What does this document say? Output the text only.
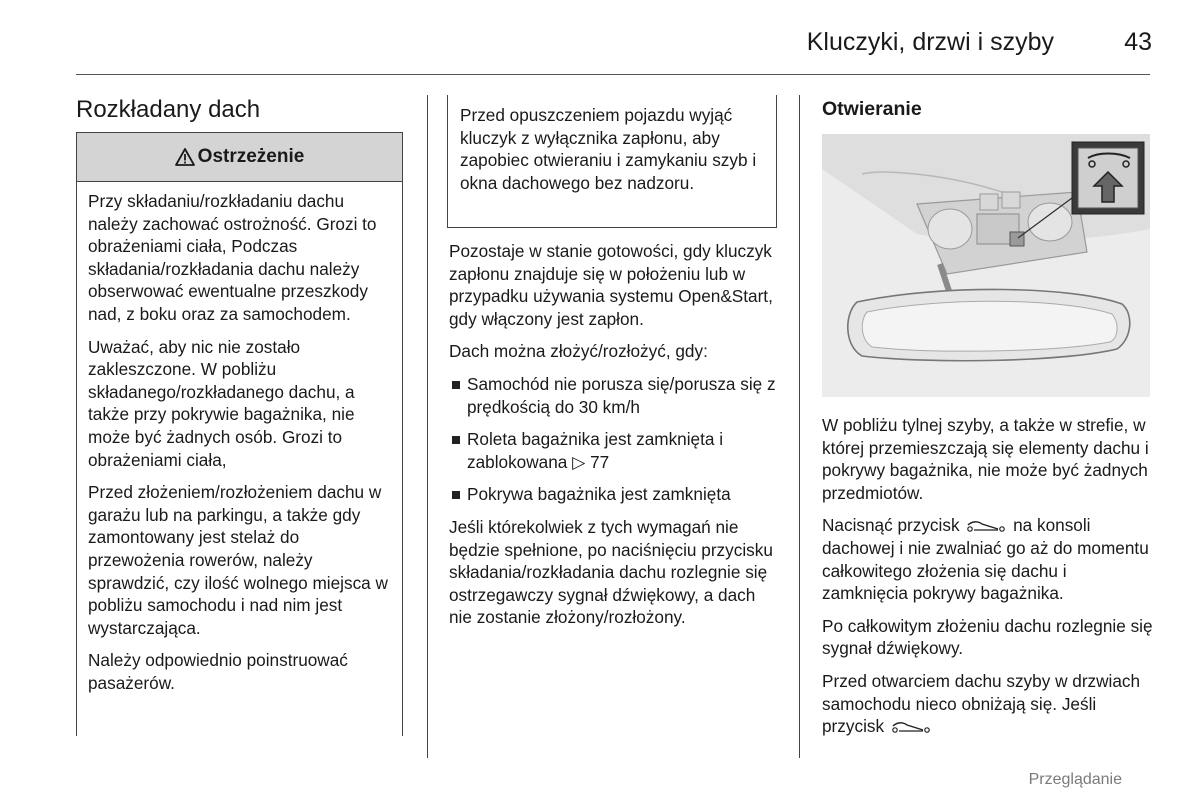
Kluczyki, drzwi i szyby	43
Rozkładany dach
Ostrzeżenie

Przy składaniu/rozkładaniu dachu należy zachować ostrożność. Grozi to obrażeniami ciała, Podczas składania/rozkładania dachu należy obserwować ewentualne przeszkody nad, z boku oraz za samochodem.

Uważać, aby nic nie zostało zakleszczone. W pobliżu składanego/rozkładanego dachu, a także przy pokrywie bagażnika, nie może być żadnych osób. Grozi to obrażeniami ciała,

Przed złożeniem/rozłożeniem dachu w garażu lub na parkingu, a także gdy zamontowany jest stelaż do przewożenia rowerów, należy sprawdzić, czy ilość wolnego miejsca w pobliżu samochodu i nad nim jest wystarczająca.

Należy odpowiednio poinstruować pasażerów.

Przed opuszczeniem pojazdu wyjąć kluczyk z wyłącznika zapłonu, aby zapobiec otwieraniu i zamykaniu szyb i okna dachowego bez nadzoru.

Pozostaje w stanie gotowości, gdy kluczyk zapłonu znajduje się w położeniu lub w przypadku używania systemu Open&Start, gdy włączony jest zapłon.

Dach można złożyć/rozłożyć, gdy:

Samochód nie porusza się/porusza się z prędkością do 30 km/h
Roleta bagażnika jest zamknięta i zablokowana ▷ 77
Pokrywa bagażnika jest zamknięta

Jeśli którekolwiek z tych wymagań nie będzie spełnione, po naciśnięciu przycisku składania/rozkładania dachu rozlegnie się ostrzegawczy sygnał dźwiękowy, a dach nie zostanie złożony/rozłożony.

Otwieranie

W pobliżu tylnej szyby, a także w strefie, w której przemieszczają się elementy dachu i pokrywy bagażnika, nie może być żadnych przedmiotów.

Nacisnąć przycisk	na konsoli dachowej i nie zwalniać go aż do momentu całkowitego złożenia się dachu i zamknięcia pokrywy bagażnika.

Po całkowitym złożeniu dachu rozlegnie się sygnał dźwiękowy.

Przed otwarciem dachu szyby w drzwiach samochodu nieco obniżają się. Jeśli przycisk

Przeglądanie
